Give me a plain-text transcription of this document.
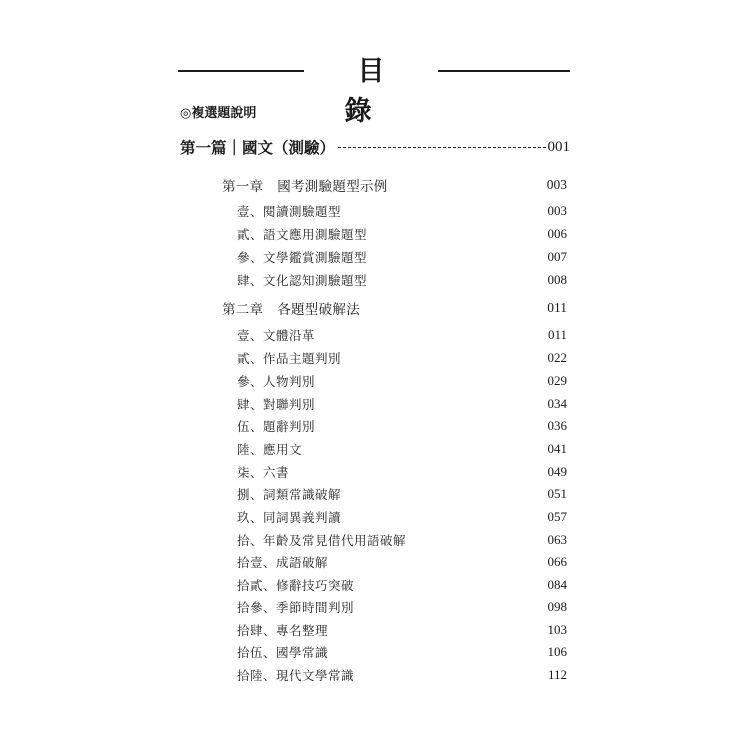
目 錄
◎複選題說明
第一篇｜國文（測驗）	001
第一章　國考測驗題型示例	003
壹、閱讀測驗題型	003
貳、語文應用測驗題型	006
參、文學鑑賞測驗題型	007
肆、文化認知測驗題型	008
第二章　各題型破解法	011
壹、文體沿革	011
貳、作品主題判別	022
參、人物判別	029
肆、對聯判別	034
伍、題辭判別	036
陸、應用文	041
柒、六書	049
捌、詞類常識破解	051
玖、同詞異義判讀	057
拾、年齡及常見借代用語破解	063
拾壹、成語破解	066
拾貳、修辭技巧突破	084
拾參、季節時間判別	098
拾肆、專名整理	103
拾伍、國學常識	106
拾陸、現代文學常識	112
